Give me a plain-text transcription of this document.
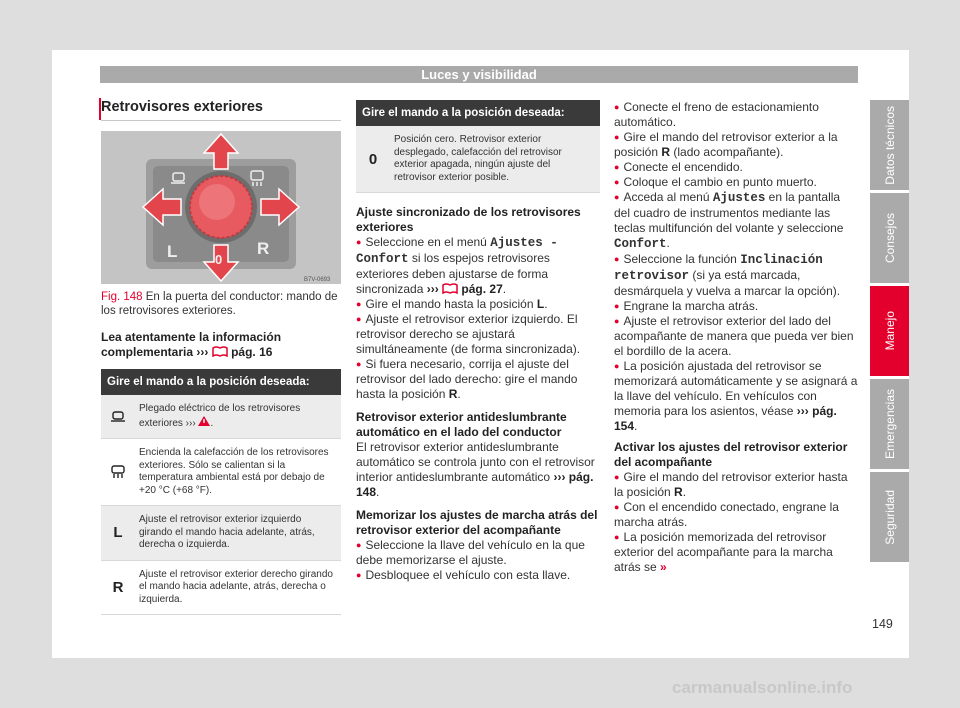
Luces y visibilidad
Retrovisores exteriores
L	0
R
B7V-0693
Fig. 148 En la puerta del conductor: mando de los retrovisores exteriores.
Lea atentamente la información complementaria ››› pág. 16
Gire el mando a la posición deseada:
Plegado eléctrico de los retrovisores exteriores ››› .
Encienda la calefacción de los retrovisores exteriores. Sólo se calientan si la temperatura ambiental está por debajo de +20 °C (+68 °F).
L
Ajuste el retrovisor exterior izquierdo girando el mando hacia adelante, atrás, derecha o izquierda.
R
Ajuste el retrovisor exterior derecho girando el mando hacia adelante, atrás, derecha o izquierda.
Gire el mando a la posición deseada:
0
Posición cero. Retrovisor exterior desplegado, calefacción del retrovisor exterior apagada, ningún ajuste del retrovisor exterior posible.
Ajuste sincronizado de los retrovisores exteriores
● Seleccione en el menú Ajustes - Confort si los espejos retrovisores exteriores deben ajustarse de forma sincronizada ››› pág. 27.
● Gire el mando hasta la posición L.
● Ajuste el retrovisor exterior izquierdo. El retrovisor derecho se ajustará simultáneamente (de forma sincronizada).
● Si fuera necesario, corrija el ajuste del retrovisor del lado derecho: gire el mando hasta la posición R.
Retrovisor exterior antideslumbrante automático en el lado del conductor
El retrovisor exterior antideslumbrante automático se controla junto con el retrovisor interior antideslumbrante automático ››› pág. 148.
Memorizar los ajustes de marcha atrás del retrovisor exterior del acompañante
● Seleccione la llave del vehículo en la que debe memorizarse el ajuste.
● Desbloquee el vehículo con esta llave.
● Conecte el freno de estacionamiento automático.
● Gire el mando del retrovisor exterior a la posición R (lado acompañante).
● Conecte el encendido.
● Coloque el cambio en punto muerto.
● Acceda al menú Ajustes en la pantalla del cuadro de instrumentos mediante las teclas multifunción del volante y seleccione Confort.
● Seleccione la función Inclinación retrovisor (si ya está marcada, desmárquela y vuelva a marcar la opción).
● Engrane la marcha atrás.
● Ajuste el retrovisor exterior del lado del acompañante de manera que pueda ver bien el bordillo de la acera.
● La posición ajustada del retrovisor se memorizará automáticamente y se asignará a la llave del vehículo. En vehículos con memoria para los asientos, véase ››› pág. 154.
Activar los ajustes del retrovisor exterior del acompañante
● Gire el mando del retrovisor exterior hasta la posición R.
● Con el encendido conectado, engrane la marcha atrás.
● La posición memorizada del retrovisor exterior del acompañante para la marcha atrás se »
Datos técnicos
Consejos
Manejo
Emergencias
Seguridad
149
carmanualsonline.info
